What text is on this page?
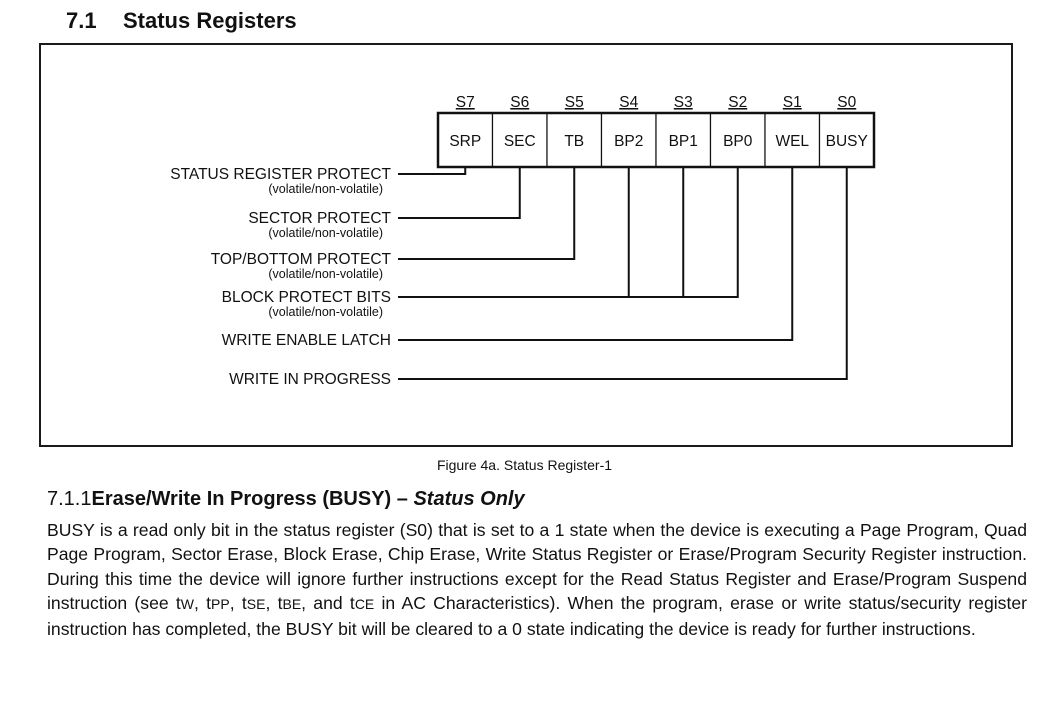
7.1 Status Registers
S7
SRP
S6
SEC
S5
TB
S4
BP2
S3
BP1
S2
BP0
S1
WEL
S0
BUSY
STATUS REGISTER PROTECT
(volatile/non-volatile)
SECTOR PROTECT
(volatile/non-volatile)
TOP/BOTTOM PROTECT
(volatile/non-volatile)
BLOCK PROTECT BITS
(volatile/non-volatile)
WRITE ENABLE LATCH
WRITE IN PROGRESS

Figure 4a. Status Register-1

7.1.1Erase/Write In Progress (BUSY) – Status Only

BUSY is a read only bit in the status register (S0) that is set to a 1 state when the device is executing a Page Program, Quad Page Program, Sector Erase, Block Erase, Chip Erase, Write Status Register or Erase/Program Security Register instruction. During this time the device will ignore further instructions except for the Read Status Register and Erase/Program Suspend instruction (see tW, tPP, tSE, tBE, and tCE in AC Characteristics). When the program, erase or write status/security register instruction has completed, the BUSY bit will be cleared to a 0 state indicating the device is ready for further instructions.
